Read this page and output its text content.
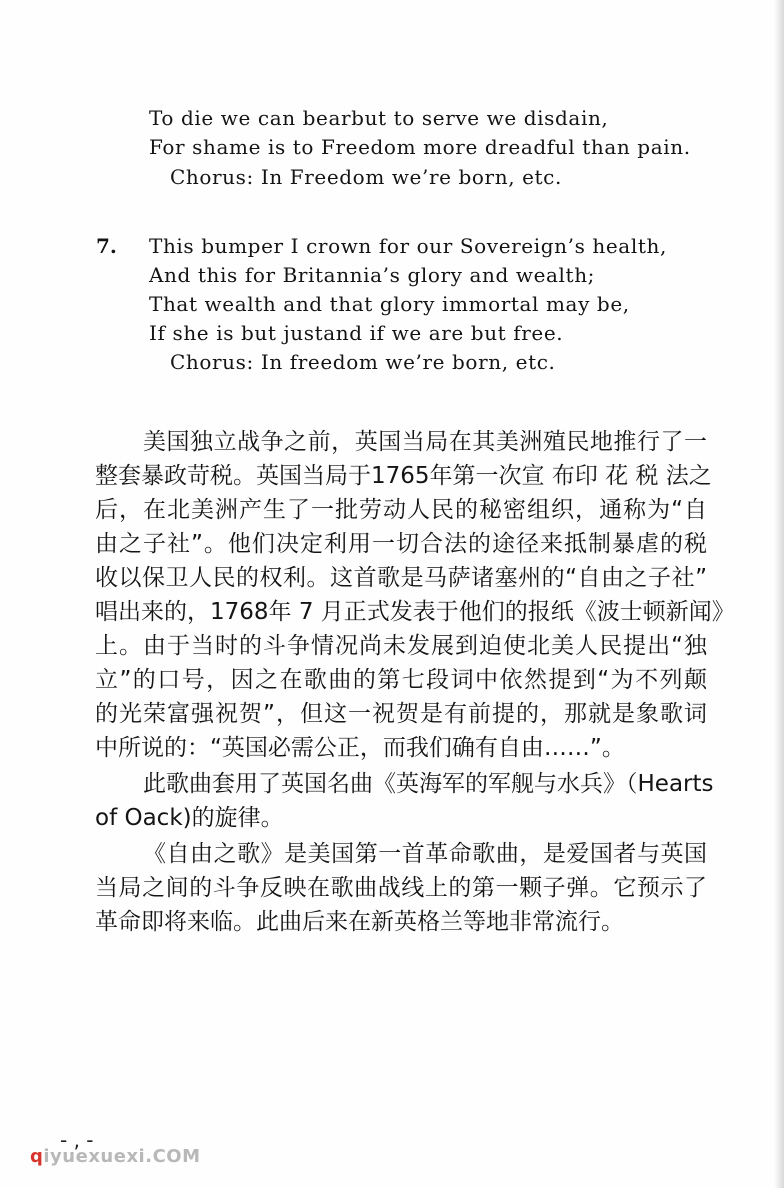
To die we can bearbut to serve we disdain,
For shame is to Freedom more dreadful than pain.
Chorus: In Freedom we’re born, etc.
7. This bumper I crown for our Sovereign’s health,
And this for Britannia’s glory and wealth;
That wealth and that glory immortal may be,
If she is but justand if we are but free.
Chorus: In freedom we’re born, etc.
美国独立战争之前，英国当局在其美洲殖民地推行了一
整套暴政苛税。英国当局于1765年第一次宣 布印 花 税 法之
后，在北美洲产生了一批劳动人民的秘密组织，通称为“自
由之子社”。他们决定利用一切合法的途径来抵制暴虐的税
收以保卫人民的权利。这首歌是马萨诸塞州的“自由之子社”
唱出来的，1768年 7 月正式发表于他们的报纸《波士顿新闻》
上。由于当时的斗争情况尚未发展到迫使北美人民提出“独
立”的口号，因之在歌曲的第七段词中依然提到“为不列颠
的光荣富强祝贺”，但这一祝贺是有前提的，那就是象歌词
中所说的：“英国必需公正，而我们确有自由……”。
此歌曲套用了英国名曲《英海军的军舰与水兵》（Hearts
of Oack)的旋律。
《自由之歌》是美国第一首革命歌曲，是爱国者与英国
当局之间的斗争反映在歌曲战线上的第一颗子弹。它预示了
革命即将来临。此曲后来在新英格兰等地非常流行。
- , -
qiyuexuexi.COM
